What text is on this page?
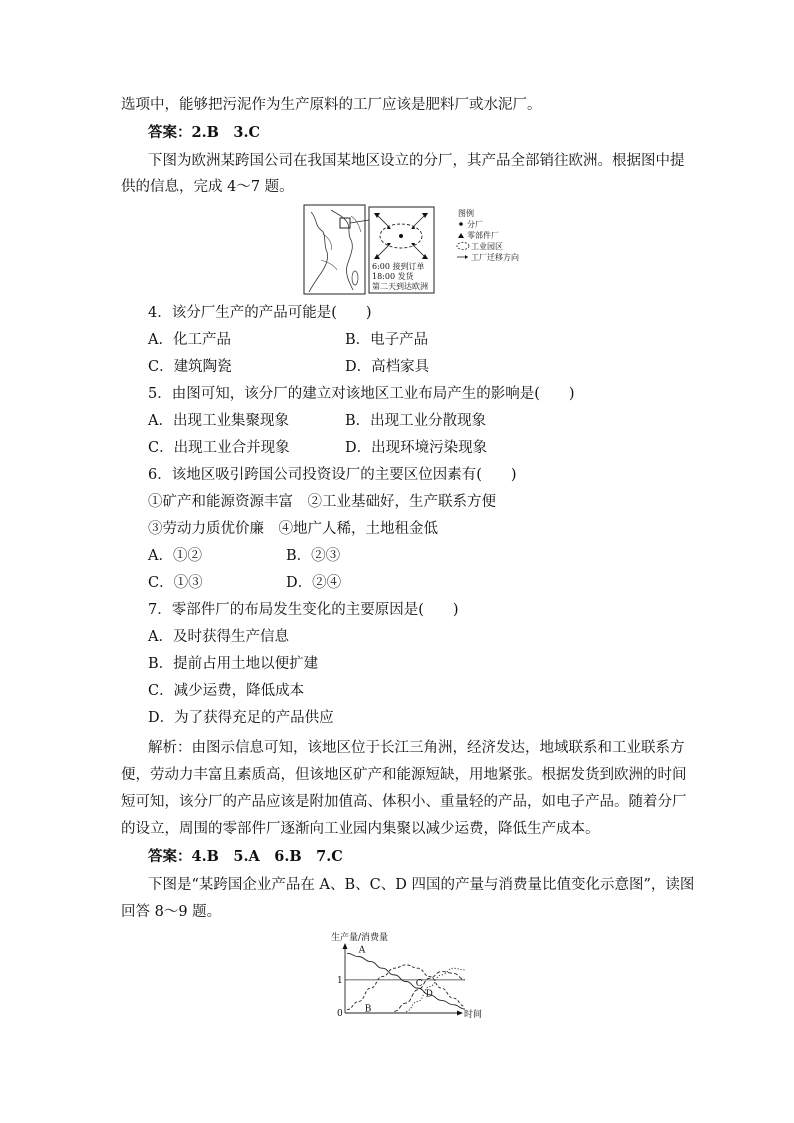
选项中，能够把污泥作为生产原料的工厂应该是肥料厂或水泥厂。
答案：2.B　3.C
下图为欧洲某跨国公司在我国某地区设立的分厂，其产品全部销往欧洲。根据图中提
供的信息，完成 4～7 题。
6:00 接到订单
18:00 发货
第二天到达欧洲
图例
分厂
零部件厂
工业园区
工厂迁移方向
4．该分厂生产的产品可能是(　　)
A．化工产品	B．电子产品
C．建筑陶瓷	D．高档家具
5．由图可知，该分厂的建立对该地区工业布局产生的影响是(　　)
A．出现工业集聚现象	B．出现工业分散现象
C．出现工业合并现象	D．出现环境污染现象
6．该地区吸引跨国公司投资设厂的主要区位因素有(　　)
①矿产和能源资源丰富　②工业基础好，生产联系方便
③劳动力质优价廉　④地广人稀，土地租金低
A．①②	B．②③
C．①③	D．②④
7．零部件厂的布局发生变化的主要原因是(　　)
A．及时获得生产信息
B．提前占用土地以便扩建
C．减少运费，降低成本
D．为了获得充足的产品供应
解析：由图示信息可知，该地区位于长江三角洲，经济发达，地域联系和工业联系方
便，劳动力丰富且素质高，但该地区矿产和能源短缺，用地紧张。根据发货到欧洲的时间
短可知，该分厂的产品应该是附加值高、体积小、重量轻的产品，如电子产品。随着分厂
的设立，周围的零部件厂逐渐向工业园内集聚以减少运费，降低生产成本。
答案：4.B　5.A　6.B　7.C
下图是“某跨国企业产品在 A、B、C、D 四国的产量与消费量比值变化示意图”，读图
回答 8～9 题。
生产量/消费量
时间
0
1
A
B
C
D
